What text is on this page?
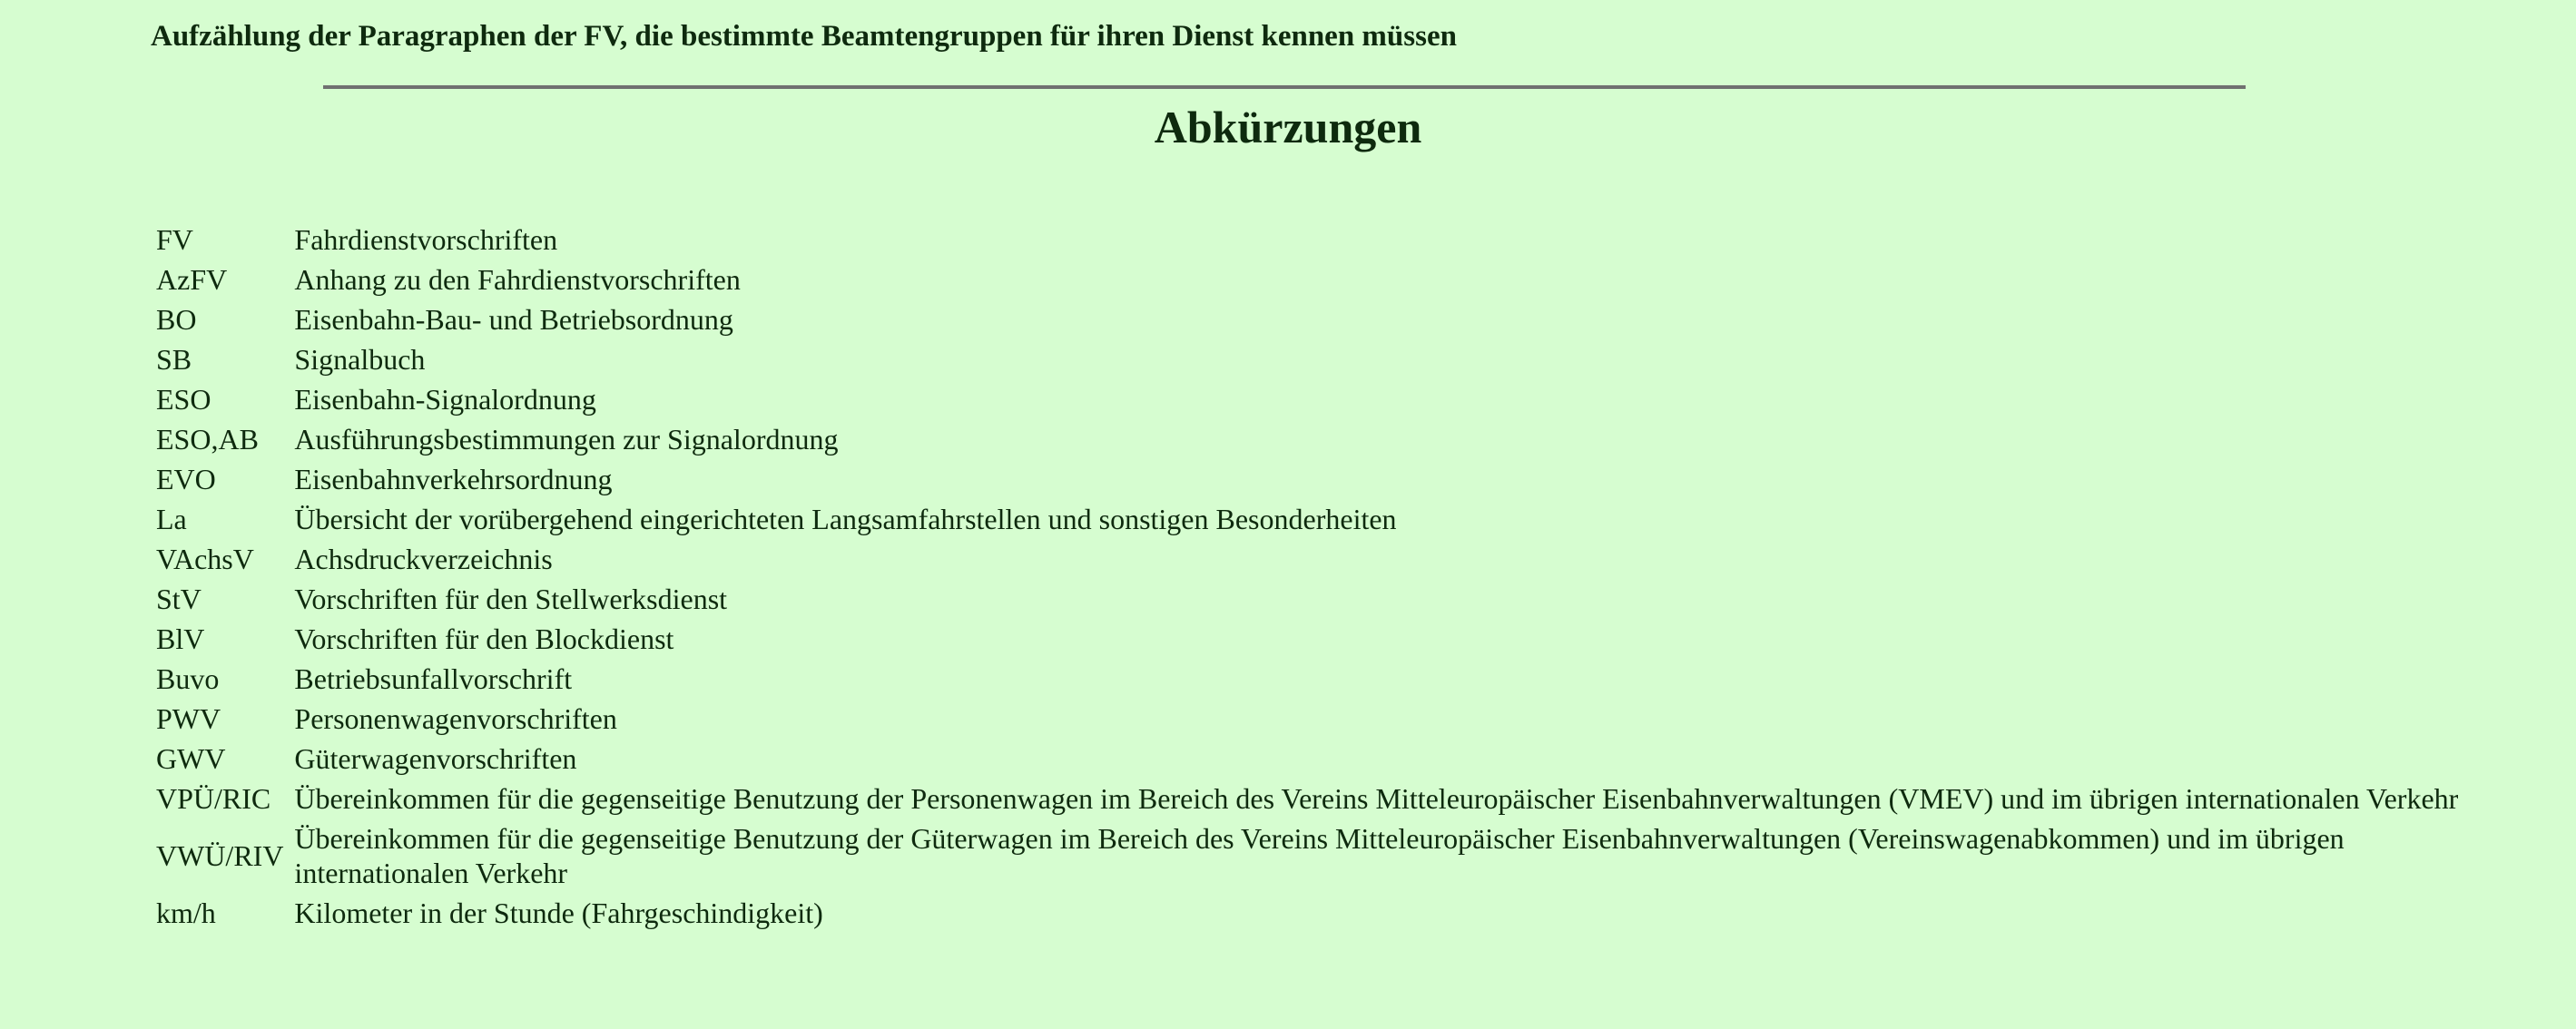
Aufzählung der Paragraphen der FV, die bestimmte Beamtengruppen für ihren Dienst kennen müssen
Abkürzungen
FV	Fahrdienstvorschriften
AzFV	Anhang zu den Fahrdienstvorschriften
BO	Eisenbahn-Bau- und Betriebsordnung
SB	Signalbuch
ESO	Eisenbahn-Signalordnung
ESO,AB	Ausführungsbestimmungen zur Signalordnung
EVO	Eisenbahnverkehrsordnung
La	Übersicht der vorübergehend eingerichteten Langsamfahrstellen und sonstigen Besonderheiten
VAchsV	Achsdruckverzeichnis
StV	Vorschriften für den Stellwerksdienst
BlV	Vorschriften für den Blockdienst
Buvo	Betriebsunfallvorschrift
PWV	Personenwagenvorschriften
GWV	Güterwagenvorschriften
VPÜ/RIC	Übereinkommen für die gegenseitige Benutzung der Personenwagen im Bereich des Vereins Mitteleuropäischer Eisenbahnverwaltungen (VMEV) und im übrigen internationalen Verkehr
VWÜ/RIV	Übereinkommen für die gegenseitige Benutzung der Güterwagen im Bereich des Vereins Mitteleuropäischer Eisenbahnverwaltungen (Vereinswagenabkommen) und im übrigen internationalen Verkehr
km/h	Kilometer in der Stunde (Fahrgeschindigkeit)
